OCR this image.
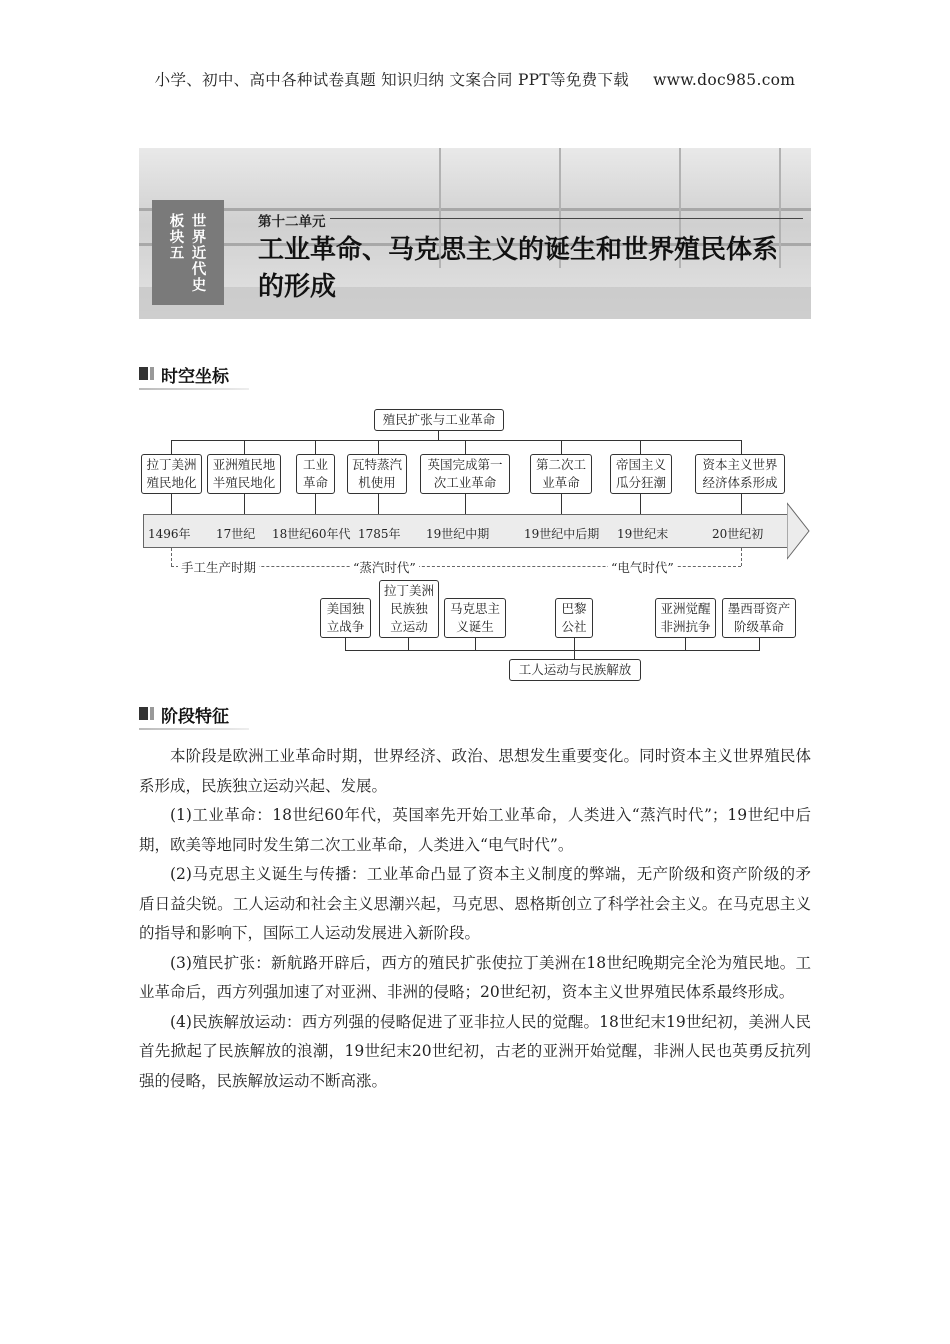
小学、初中、高中各种试卷真题 知识归纳 文案合同 PPT等免费下载 www.doc985.com
板块五
世界近代史
第十二单元
工业革命、马克思主义的诞生和世界殖民体系的形成
时空坐标
殖民扩张与工业革命
拉丁美洲
殖民地化
亚洲殖民地
半殖民地化
工业
革命
瓦特蒸汽
机使用
英国完成第一
次工业革命
第二次工
业革命
帝国主义
瓜分狂潮
资本主义世界
经济体系形成
1496年 17世纪 18世纪60年代 1785年 19世纪中期	19世纪中后期 19世纪末	20世纪初
手工生产时期	“蒸汽时代”	“电气时代”
美国独
立战争
拉丁美洲
民族独
立运动
马克思主
义诞生
巴黎
公社
亚洲觉醒
非洲抗争
墨西哥资产
阶级革命
工人运动与民族解放
阶段特征

本阶段是欧洲工业革命时期，世界经济、政治、思想发生重要变化。同时资本主义世界殖民体系形成，民族独立运动兴起、发展。

(1)工业革命：18世纪60年代，英国率先开始工业革命，人类进入“蒸汽时代”；19世纪中后期，欧美等地同时发生第二次工业革命，人类进入“电气时代”。

(2)马克思主义诞生与传播：工业革命凸显了资本主义制度的弊端，无产阶级和资产阶级的矛盾日益尖锐。工人运动和社会主义思潮兴起，马克思、恩格斯创立了科学社会主义。在马克思主义的指导和影响下，国际工人运动发展进入新阶段。

(3)殖民扩张：新航路开辟后，西方的殖民扩张使拉丁美洲在18世纪晚期完全沦为殖民地。工业革命后，西方列强加速了对亚洲、非洲的侵略；20世纪初，资本主义世界殖民体系最终形成。

(4)民族解放运动：西方列强的侵略促进了亚非拉人民的觉醒。18世纪末19世纪初，美洲人民首先掀起了民族解放的浪潮，19世纪末20世纪初，古老的亚洲开始觉醒，非洲人民也英勇反抗列强的侵略，民族解放运动不断高涨。
